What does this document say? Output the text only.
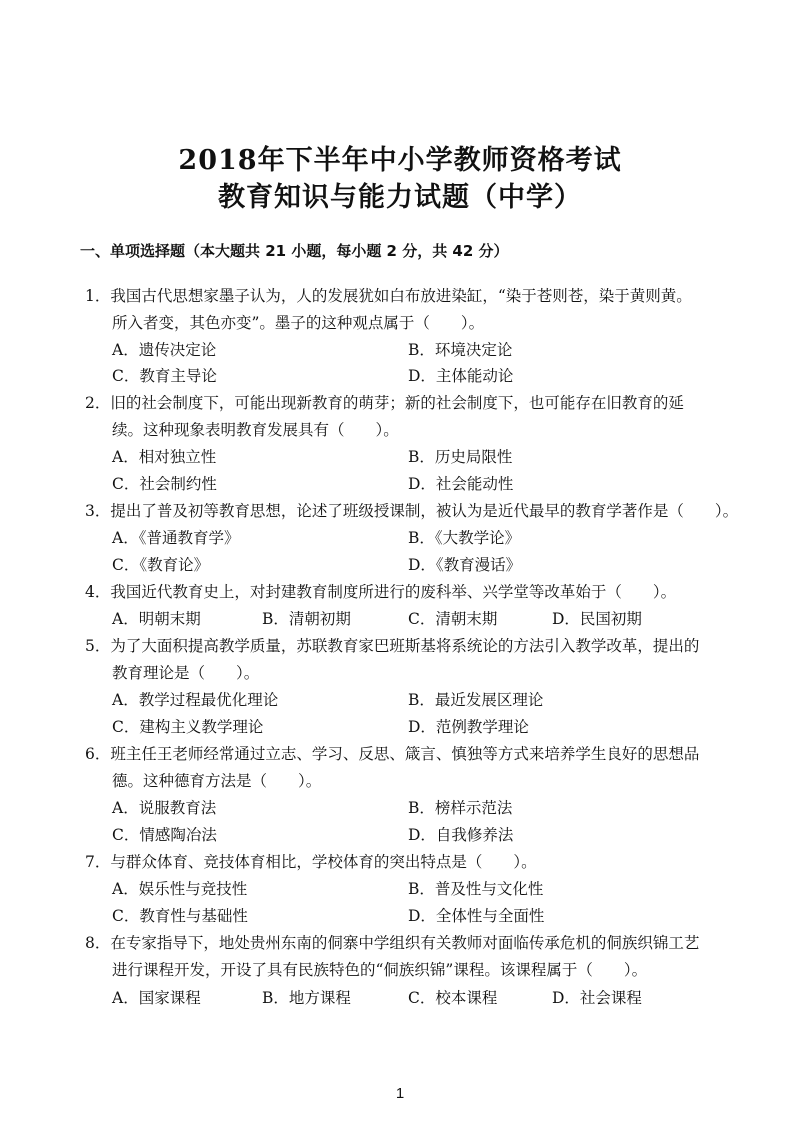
2018年下半年中小学教师资格考试
教育知识与能力试题（中学）
一、单项选择题（本大题共 21 小题，每小题 2 分，共 42 分）
1．我国古代思想家墨子认为，人的发展犹如白布放进染缸，“染于苍则苍，染于黄则黄。
所入者变，其色亦变”。墨子的这种观点属于（　　）。
A．遗传决定论	B．环境决定论
C．教育主导论	D．主体能动论
2．旧的社会制度下，可能出现新教育的萌芽；新的社会制度下，也可能存在旧教育的延
续。这种现象表明教育发展具有（　　）。
A．相对独立性	B．历史局限性
C．社会制约性	D．社会能动性
3．提出了普及初等教育思想，论述了班级授课制，被认为是近代最早的教育学著作是（　　）。
A．《普通教育学》	B．《大教学论》
C．《教育论》	D．《教育漫话》
4．我国近代教育史上，对封建教育制度所进行的废科举、兴学堂等改革始于（　　）。
A．明朝末期	B．清朝初期	C．清朝末期	D．民国初期
5．为了大面积提高教学质量，苏联教育家巴班斯基将系统论的方法引入教学改革，提出的
教育理论是（　　）。
A．教学过程最优化理论	B．最近发展区理论
C．建构主义教学理论	D．范例教学理论
6．班主任王老师经常通过立志、学习、反思、箴言、慎独等方式来培养学生良好的思想品
德。这种德育方法是（　　）。
A．说服教育法	B．榜样示范法
C．情感陶冶法	D．自我修养法
7．与群众体育、竞技体育相比，学校体育的突出特点是（　　）。
A．娱乐性与竞技性	B．普及性与文化性
C．教育性与基础性	D．全体性与全面性
8．在专家指导下，地处贵州东南的侗寨中学组织有关教师对面临传承危机的侗族织锦工艺
进行课程开发，开设了具有民族特色的“侗族织锦”课程。该课程属于（　　）。
A．国家课程	B．地方课程	C．校本课程	D．社会课程
1
